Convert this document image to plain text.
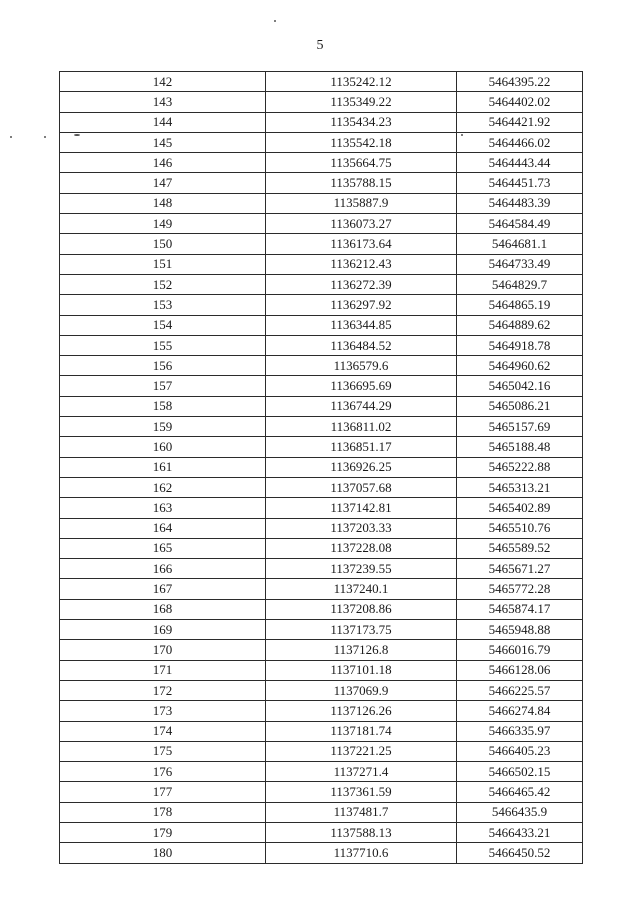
5
142	1135242.12	5464395.22
143	1135349.22	5464402.02
144	1135434.23	5464421.92
145	1135542.18	5464466.02
146	1135664.75	5464443.44
147	1135788.15	5464451.73
148	1135887.9	5464483.39
149	1136073.27	5464584.49
150	1136173.64	5464681.1
151	1136212.43	5464733.49
152	1136272.39	5464829.7
153	1136297.92	5464865.19
154	1136344.85	5464889.62
155	1136484.52	5464918.78
156	1136579.6	5464960.62
157	1136695.69	5465042.16
158	1136744.29	5465086.21
159	1136811.02	5465157.69
160	1136851.17	5465188.48
161	1136926.25	5465222.88
162	1137057.68	5465313.21
163	1137142.81	5465402.89
164	1137203.33	5465510.76
165	1137228.08	5465589.52
166	1137239.55	5465671.27
167	1137240.1	5465772.28
168	1137208.86	5465874.17
169	1137173.75	5465948.88
170	1137126.8	5466016.79
171	1137101.18	5466128.06
172	1137069.9	5466225.57
173	1137126.26	5466274.84
174	1137181.74	5466335.97
175	1137221.25	5466405.23
176	1137271.4	5466502.15
177	1137361.59	5466465.42
178	1137481.7	5466435.9
179	1137588.13	5466433.21
180	1137710.6	5466450.52
